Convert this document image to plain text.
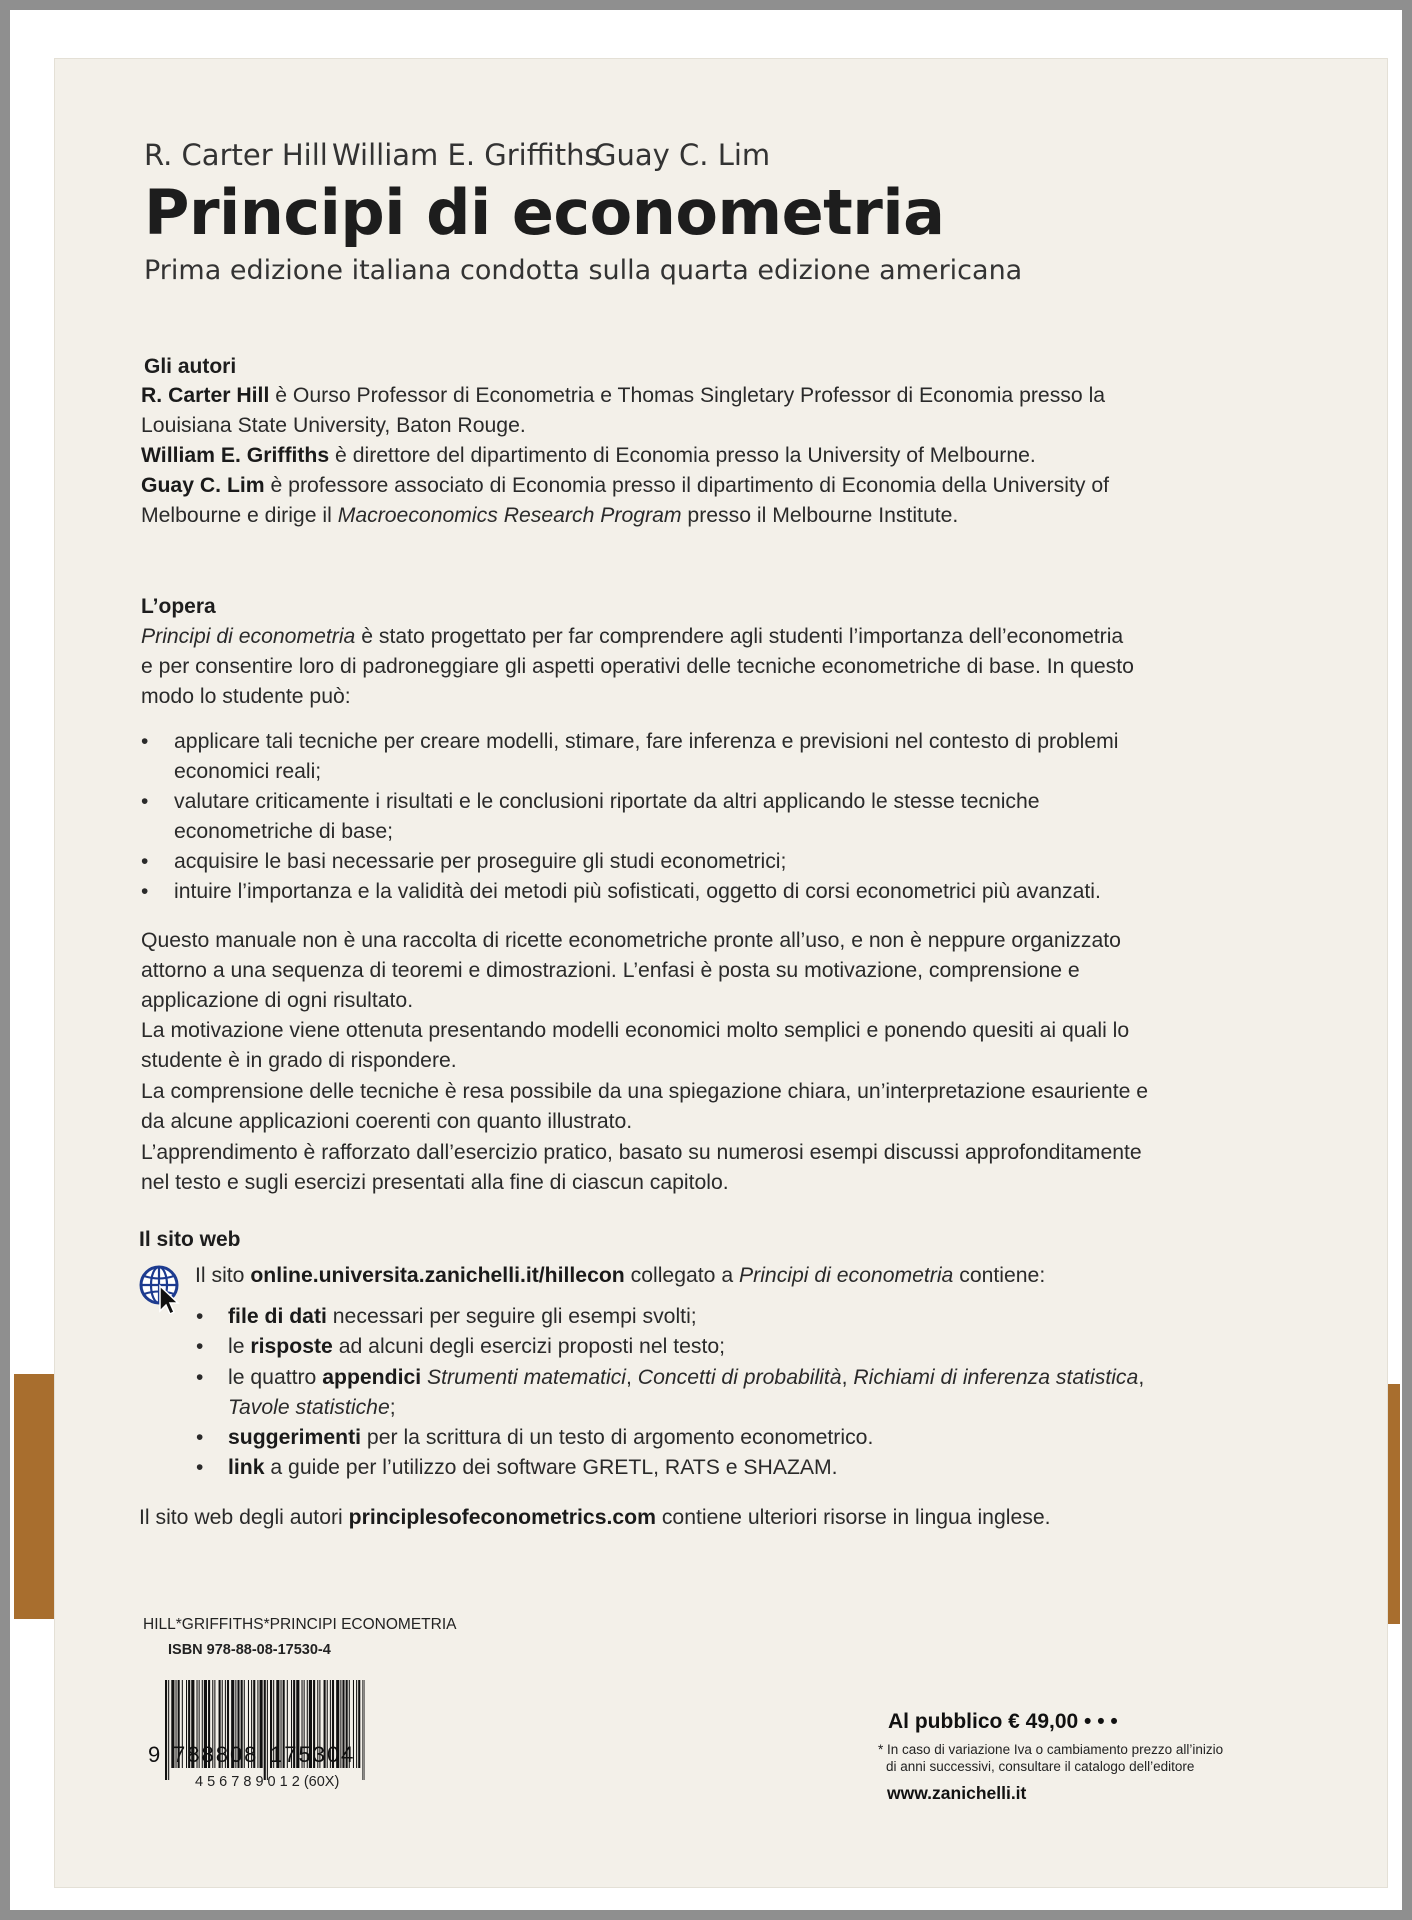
R. Carter Hill William E. Griffiths
Guay C. Lim
Principi di econometria
Prima edizione italiana condotta sulla quarta edizione americana
Gli autori
R. Carter Hill è Ourso Professor di Econometria e Thomas Singletary Professor di Economia presso la
Louisiana State University, Baton Rouge.
William E. Griffiths è direttore del dipartimento di Economia presso la University of Melbourne.
Guay C. Lim è professore associato di Economia presso il dipartimento di Economia della University of
Melbourne e dirige il Macroeconomics Research Program presso il Melbourne Institute.
L’opera
Principi di econometria è stato progettato per far comprendere agli studenti l’importanza dell’econometria
e per consentire loro di padroneggiare gli aspetti operativi delle tecniche econometriche di base. In questo
modo lo studente può:
• applicare tali tecniche per creare modelli, stimare, fare inferenza e previsioni nel contesto di problemi
economici reali;
• valutare criticamente i risultati e le conclusioni riportate da altri applicando le stesse tecniche
econometriche di base;
• acquisire le basi necessarie per proseguire gli studi econometrici;
• intuire l’importanza e la validità dei metodi più sofisticati, oggetto di corsi econometrici più avanzati.
Questo manuale non è una raccolta di ricette econometriche pronte all’uso, e non è neppure organizzato
attorno a una sequenza di teoremi e dimostrazioni. L’enfasi è posta su motivazione, comprensione e
applicazione di ogni risultato.
La motivazione viene ottenuta presentando modelli economici molto semplici e ponendo quesiti ai quali lo
studente è in grado di rispondere.
La comprensione delle tecniche è resa possibile da una spiegazione chiara, un’interpretazione esauriente e
da alcune applicazioni coerenti con quanto illustrato.
L’apprendimento è rafforzato dall’esercizio pratico, basato su numerosi esempi discussi approfonditamente
nel testo e sugli esercizi presentati alla fine di ciascun capitolo.
Il sito web
Il sito online.universita.zanichelli.it/hillecon collegato a Principi di econometria contiene:
• file di dati necessari per seguire gli esempi svolti;
• le risposte ad alcuni degli esercizi proposti nel testo;
• le quattro appendici Strumenti matematici, Concetti di probabilità, Richiami di inferenza statistica,
Tavole statistiche;
• suggerimenti per la scrittura di un testo di argomento econometrico.
• link a guide per l’utilizzo dei software GRETL, RATS e SHAZAM.
Il sito web degli autori principlesofeconometrics.com contiene ulteriori risorse in lingua inglese.
HILL*GRIFFITHS*PRINCIPI ECONOMETRIA
ISBN 978-88-08-17530-4
9 788808 175304
4 5 6 7 8 9 0 1 2 (60X)
Al pubblico € 49,00 • • •
* In caso di variazione Iva o cambiamento prezzo all’inizio
di anni successivi, consultare il catalogo dell’editore
www.zanichelli.it
